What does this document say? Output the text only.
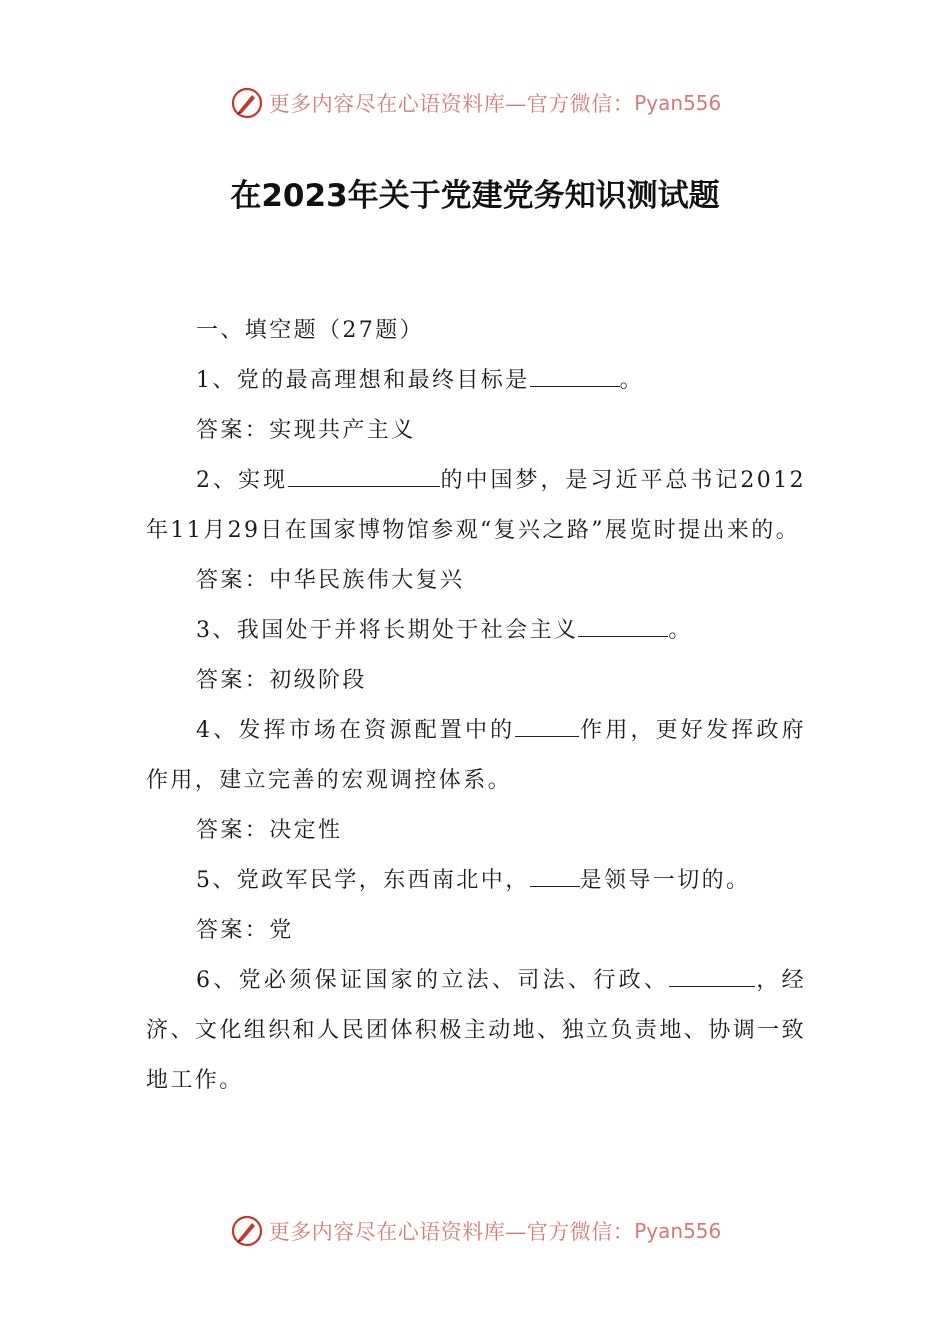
更多内容尽在心语资料库—官方微信： Pyan556
在2023年关于党建党务知识测试题

一、填空题（27题）

1、党的最高理想和最终目标是	。

答案：实现共产主义

2、实现	的中国梦，是习近平总书记2012年11月29日在国家博物馆参观“复兴之路”展览时提出来的。

答案：中华民族伟大复兴

3、我国处于并将长期处于社会主义	。

答案：初级阶段

4、发挥市场在资源配置中的	作用，更好发挥政府作用，建立完善的宏观调控体系。

答案：决定性

5、党政军民学，东西南北中， 是领导一切的。

答案：党

6、党必须保证国家的立法、司法、行政、	，经济、文化组织和人民团体积极主动地、独立负责地、协调一致地工作。

更多内容尽在心语资料库—官方微信： Pyan556
